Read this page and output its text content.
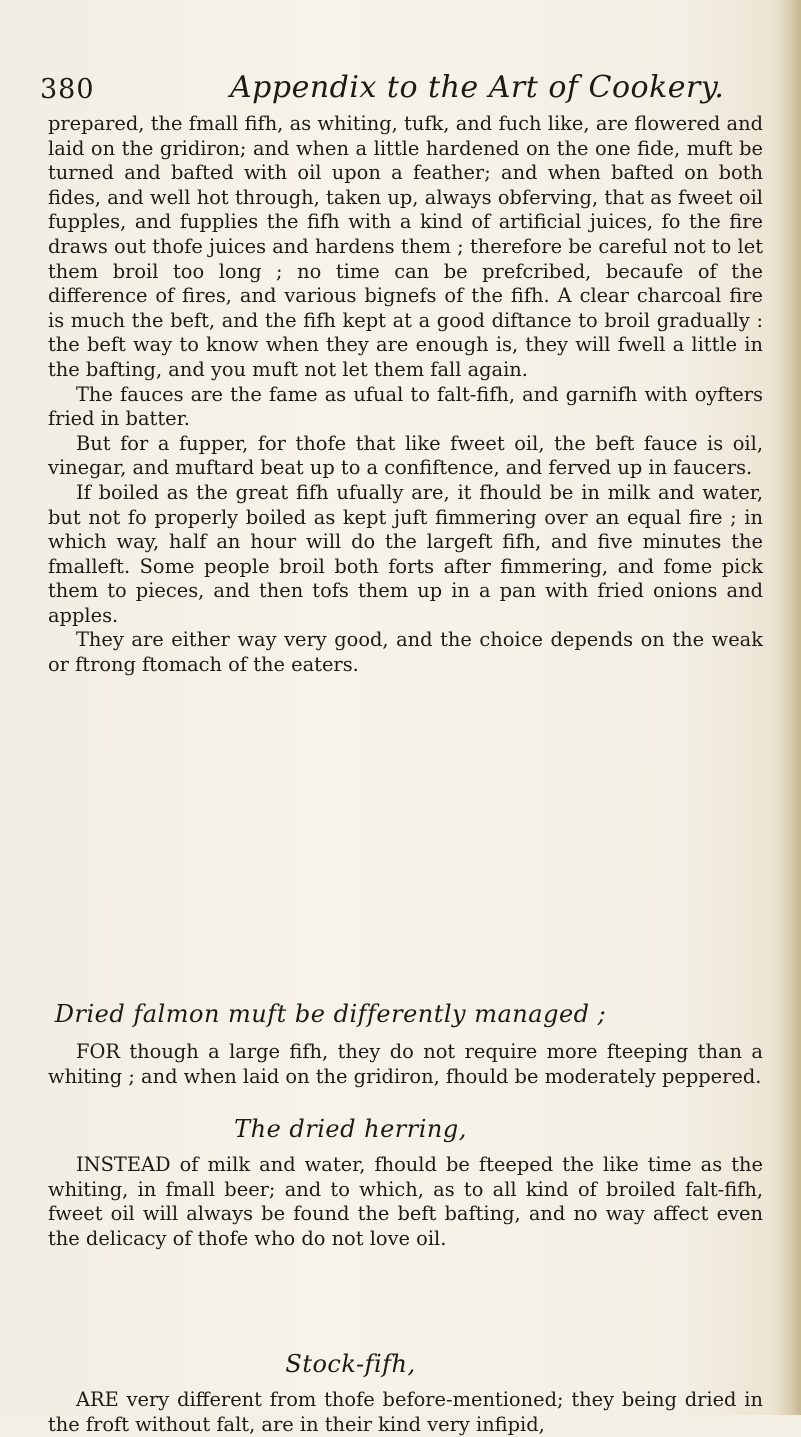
380	Appendix to the Art of Cookery.

prepared, the fmall fifh, as whiting, tufk, and fuch like, are flowered and laid on the gridiron; and when a little hardened on the one fide, muft be turned and bafted with oil upon a feather; and when bafted on both fides, and well hot through, taken up, always obferving, that as fweet oil fupples, and fupplies the fifh with a kind of artificial juices, fo the fire draws out thofe juices and hardens them ; therefore be careful not to let them broil too long ; no time can be prefcribed, becaufe of the difference of fires, and various bignefs of the fifh. A clear charcoal fire is much the beft, and the fifh kept at a good diftance to broil gradually : the beft way to know when they are enough is, they will fwell a little in the bafting, and you muft not let them fall again.

The fauces are the fame as ufual to falt-fifh, and garnifh with oyfters fried in batter.

But for a fupper, for thofe that like fweet oil, the beft fauce is oil, vinegar, and muftard beat up to a confiftence, and ferved up in faucers.

If boiled as the great fifh ufually are, it fhould be in milk and water, but not fo properly boiled as kept juft fimmering over an equal fire ; in which way, half an hour will do the largeft fifh, and five minutes the fmalleft. Some people broil both forts after fimmering, and fome pick them to pieces, and then tofs them up in a pan with fried onions and apples.

They are either way very good, and the choice depends on the weak or ftrong ftomach of the eaters.

Dried falmon muft be differently managed ;
FOR though a large fifh, they do not require more fteeping than a whiting ; and when laid on the gridiron, fhould be moderately peppered.
The dried herring,
INSTEAD of milk and water, fhould be fteeped the like time as the whiting, in fmall beer; and to which, as to all kind of broiled falt-fifh, fweet oil will always be found the beft bafting, and no way affect even the delicacy of thofe who do not love oil.
Stock-fifh,
ARE very different from thofe before-mentioned; they being dried in the froft without falt, are in their kind very infipid,
